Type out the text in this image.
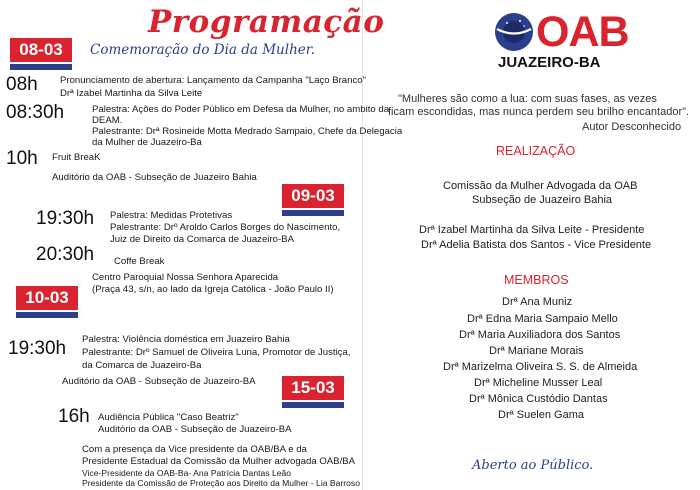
Programação
Comemoração do Dia da Mulher.
08-03
08h Pronunciamento de abertura: Lançamento da Campanha "Laço Branco"
Drª Izabel Martinha da Silva Leite
08:30h	Palestra: Ações do Poder Público em Defesa da Mulher, no ambito da
DEAM.
Palestrante: Drª Rosineide Motta Medrado Sampaio, Chefe da Delegacia
da Mulher de Juazeiro-Ba
10h Fruit BreaK
Auditório da OAB - Subseção de Juazeiro Bahia
09-03
19:30h Palestra: Medidas Protetivas
Palestrante: Drº Aroldo Carlos Borges do Nascimento,
Juiz de Direito da Comarca de Juazeiro-BA
20:30h Coffe Break
Centro Paroquial Nossa Senhora Aparecida
(Praça 43, s/n, ao lado da Igreja Católica - João Paulo II)
10-03
Palestra: Violência doméstica em Juazeiro Bahia
19:30h Palestrante: Drº Samuel de Oliveira Luna, Promotor de Justiça,
da Comarca de Juazeiro-Ba
Auditório da OAB - Subseção de Juazeiro-BA	15-03
16h Audiência Pública "Caso Beatriz"
Auditório da OAB - Subseção de Juazeiro-BA
Com a presença da Vice presidente da OAB/BA e da
Presidente Estadual da Comissão da Mulher advogada OAB/BA
Vice-Presidente da OAB-Ba- Ana Patrícia Dantas Leão
Presidente da Comissão de Proteção aos Direito da Mulher - Lia Barroso
OAB
JUAZEIRO-BA
"Mulheres são como a lua: com suas fases, as vezes
ficam escondidas, mas nunca perdem seu brilho encantador".
Autor Desconhecido
REALIZAÇÃO
Comissão da Mulher Advogada da OAB
Subseção de Juazeiro Bahia
Drª Izabel Martinha da Silva Leite - Presidente
Drª Adelia Batista dos Santos - Vice Presidente
MEMBROS
Drª Ana Muniz
Drª Edna Maria Sampaio Mello
Drª Maria Auxiliadora dos Santos
Drª Mariane Morais
Drª Marizelma Oliveira S. S. de Almeida
Drª Micheline Musser Leal
Drª Mônica Custódio Dantas
Drª Suelen Gama
Aberto ao Público.
